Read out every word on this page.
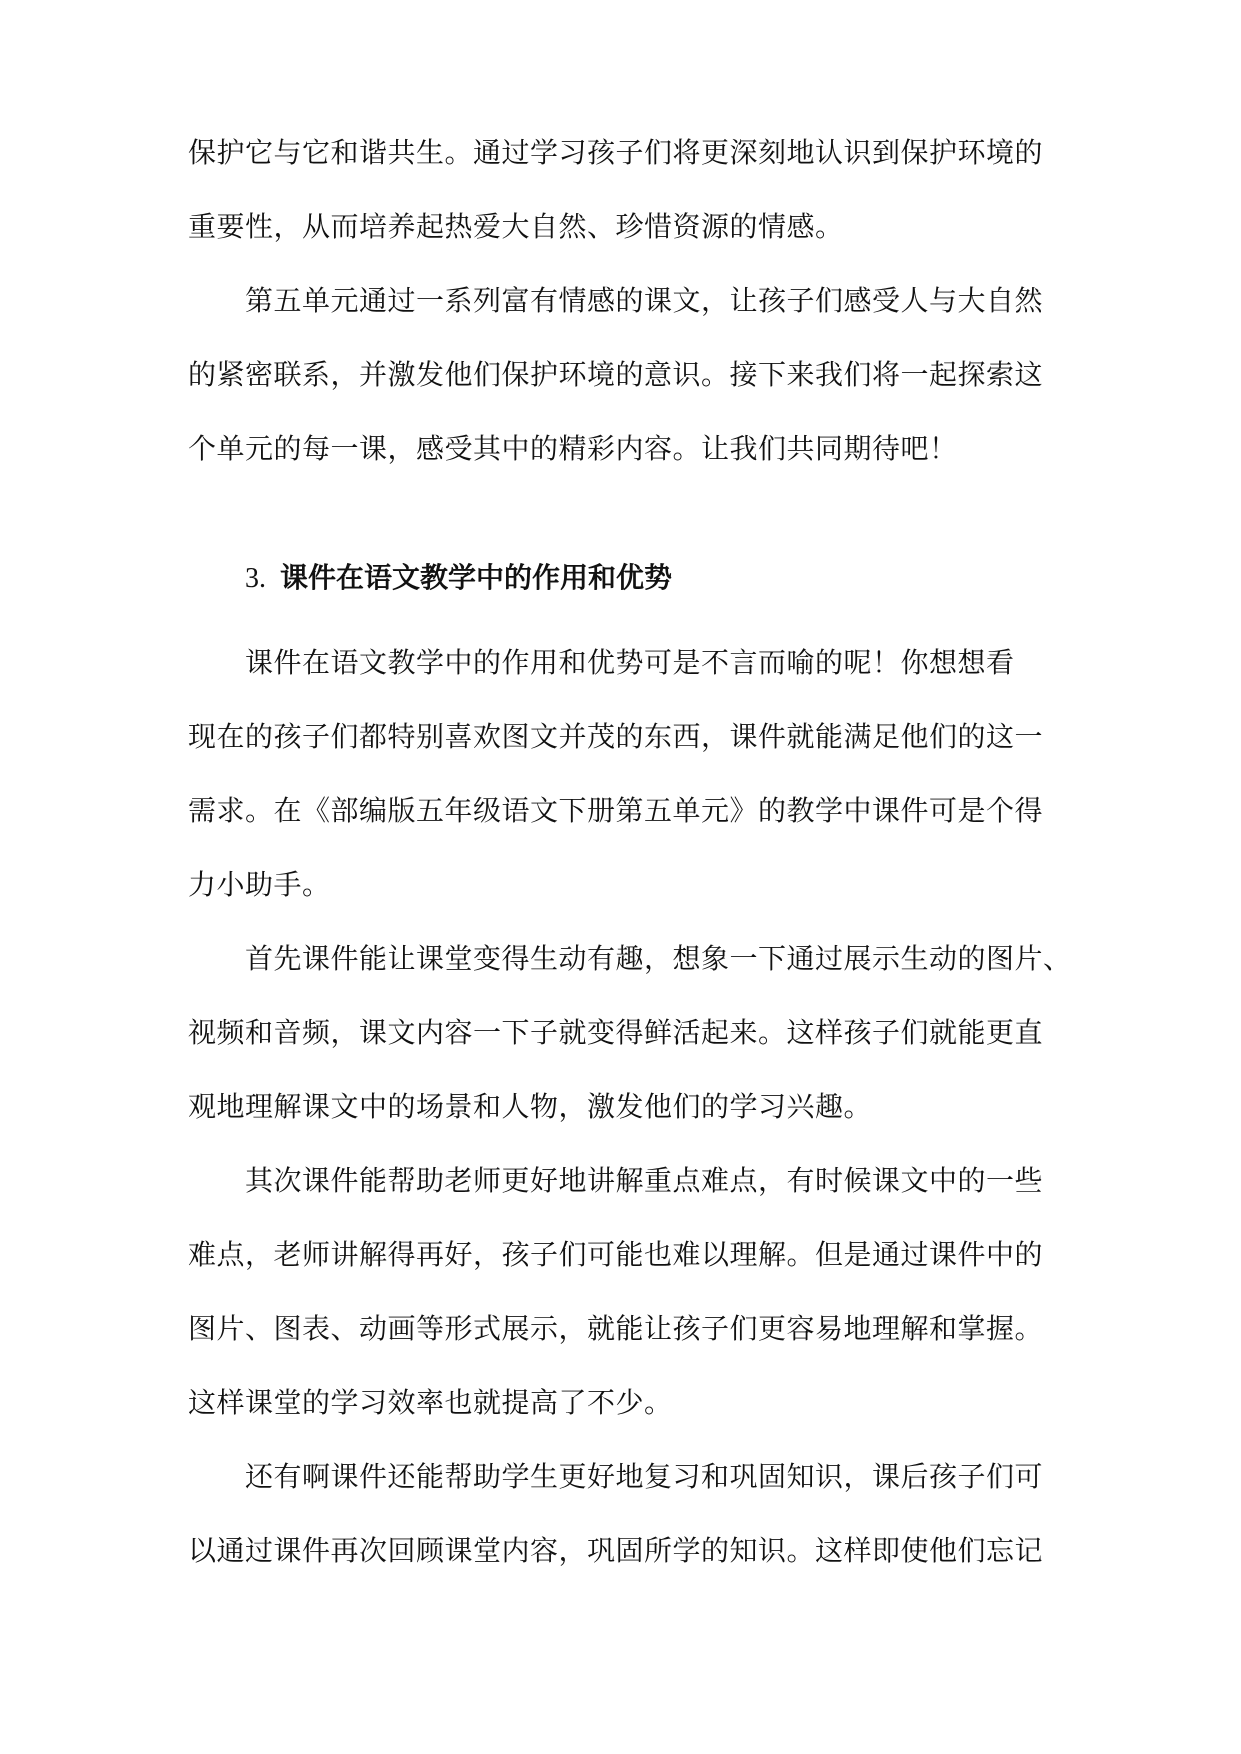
保护它与它和谐共生。通过学习孩子们将更深刻地认识到保护环境的
重要性，从而培养起热爱大自然、珍惜资源的情感。
　　第五单元通过一系列富有情感的课文，让孩子们感受人与大自然
的紧密联系，并激发他们保护环境的意识。接下来我们将一起探索这
个单元的每一课，感受其中的精彩内容。让我们共同期待吧！
3. 课件在语文教学中的作用和优势
　　课件在语文教学中的作用和优势可是不言而喻的呢！你想想看
现在的孩子们都特别喜欢图文并茂的东西，课件就能满足他们的这一
需求。在《部编版五年级语文下册第五单元》的教学中课件可是个得
力小助手。
　　首先课件能让课堂变得生动有趣，想象一下通过展示生动的图片、
视频和音频，课文内容一下子就变得鲜活起来。这样孩子们就能更直
观地理解课文中的场景和人物，激发他们的学习兴趣。
　　其次课件能帮助老师更好地讲解重点难点，有时候课文中的一些
难点，老师讲解得再好，孩子们可能也难以理解。但是通过课件中的
图片、图表、动画等形式展示，就能让孩子们更容易地理解和掌握。
这样课堂的学习效率也就提高了不少。
　　还有啊课件还能帮助学生更好地复习和巩固知识，课后孩子们可
以通过课件再次回顾课堂内容，巩固所学的知识。这样即使他们忘记
